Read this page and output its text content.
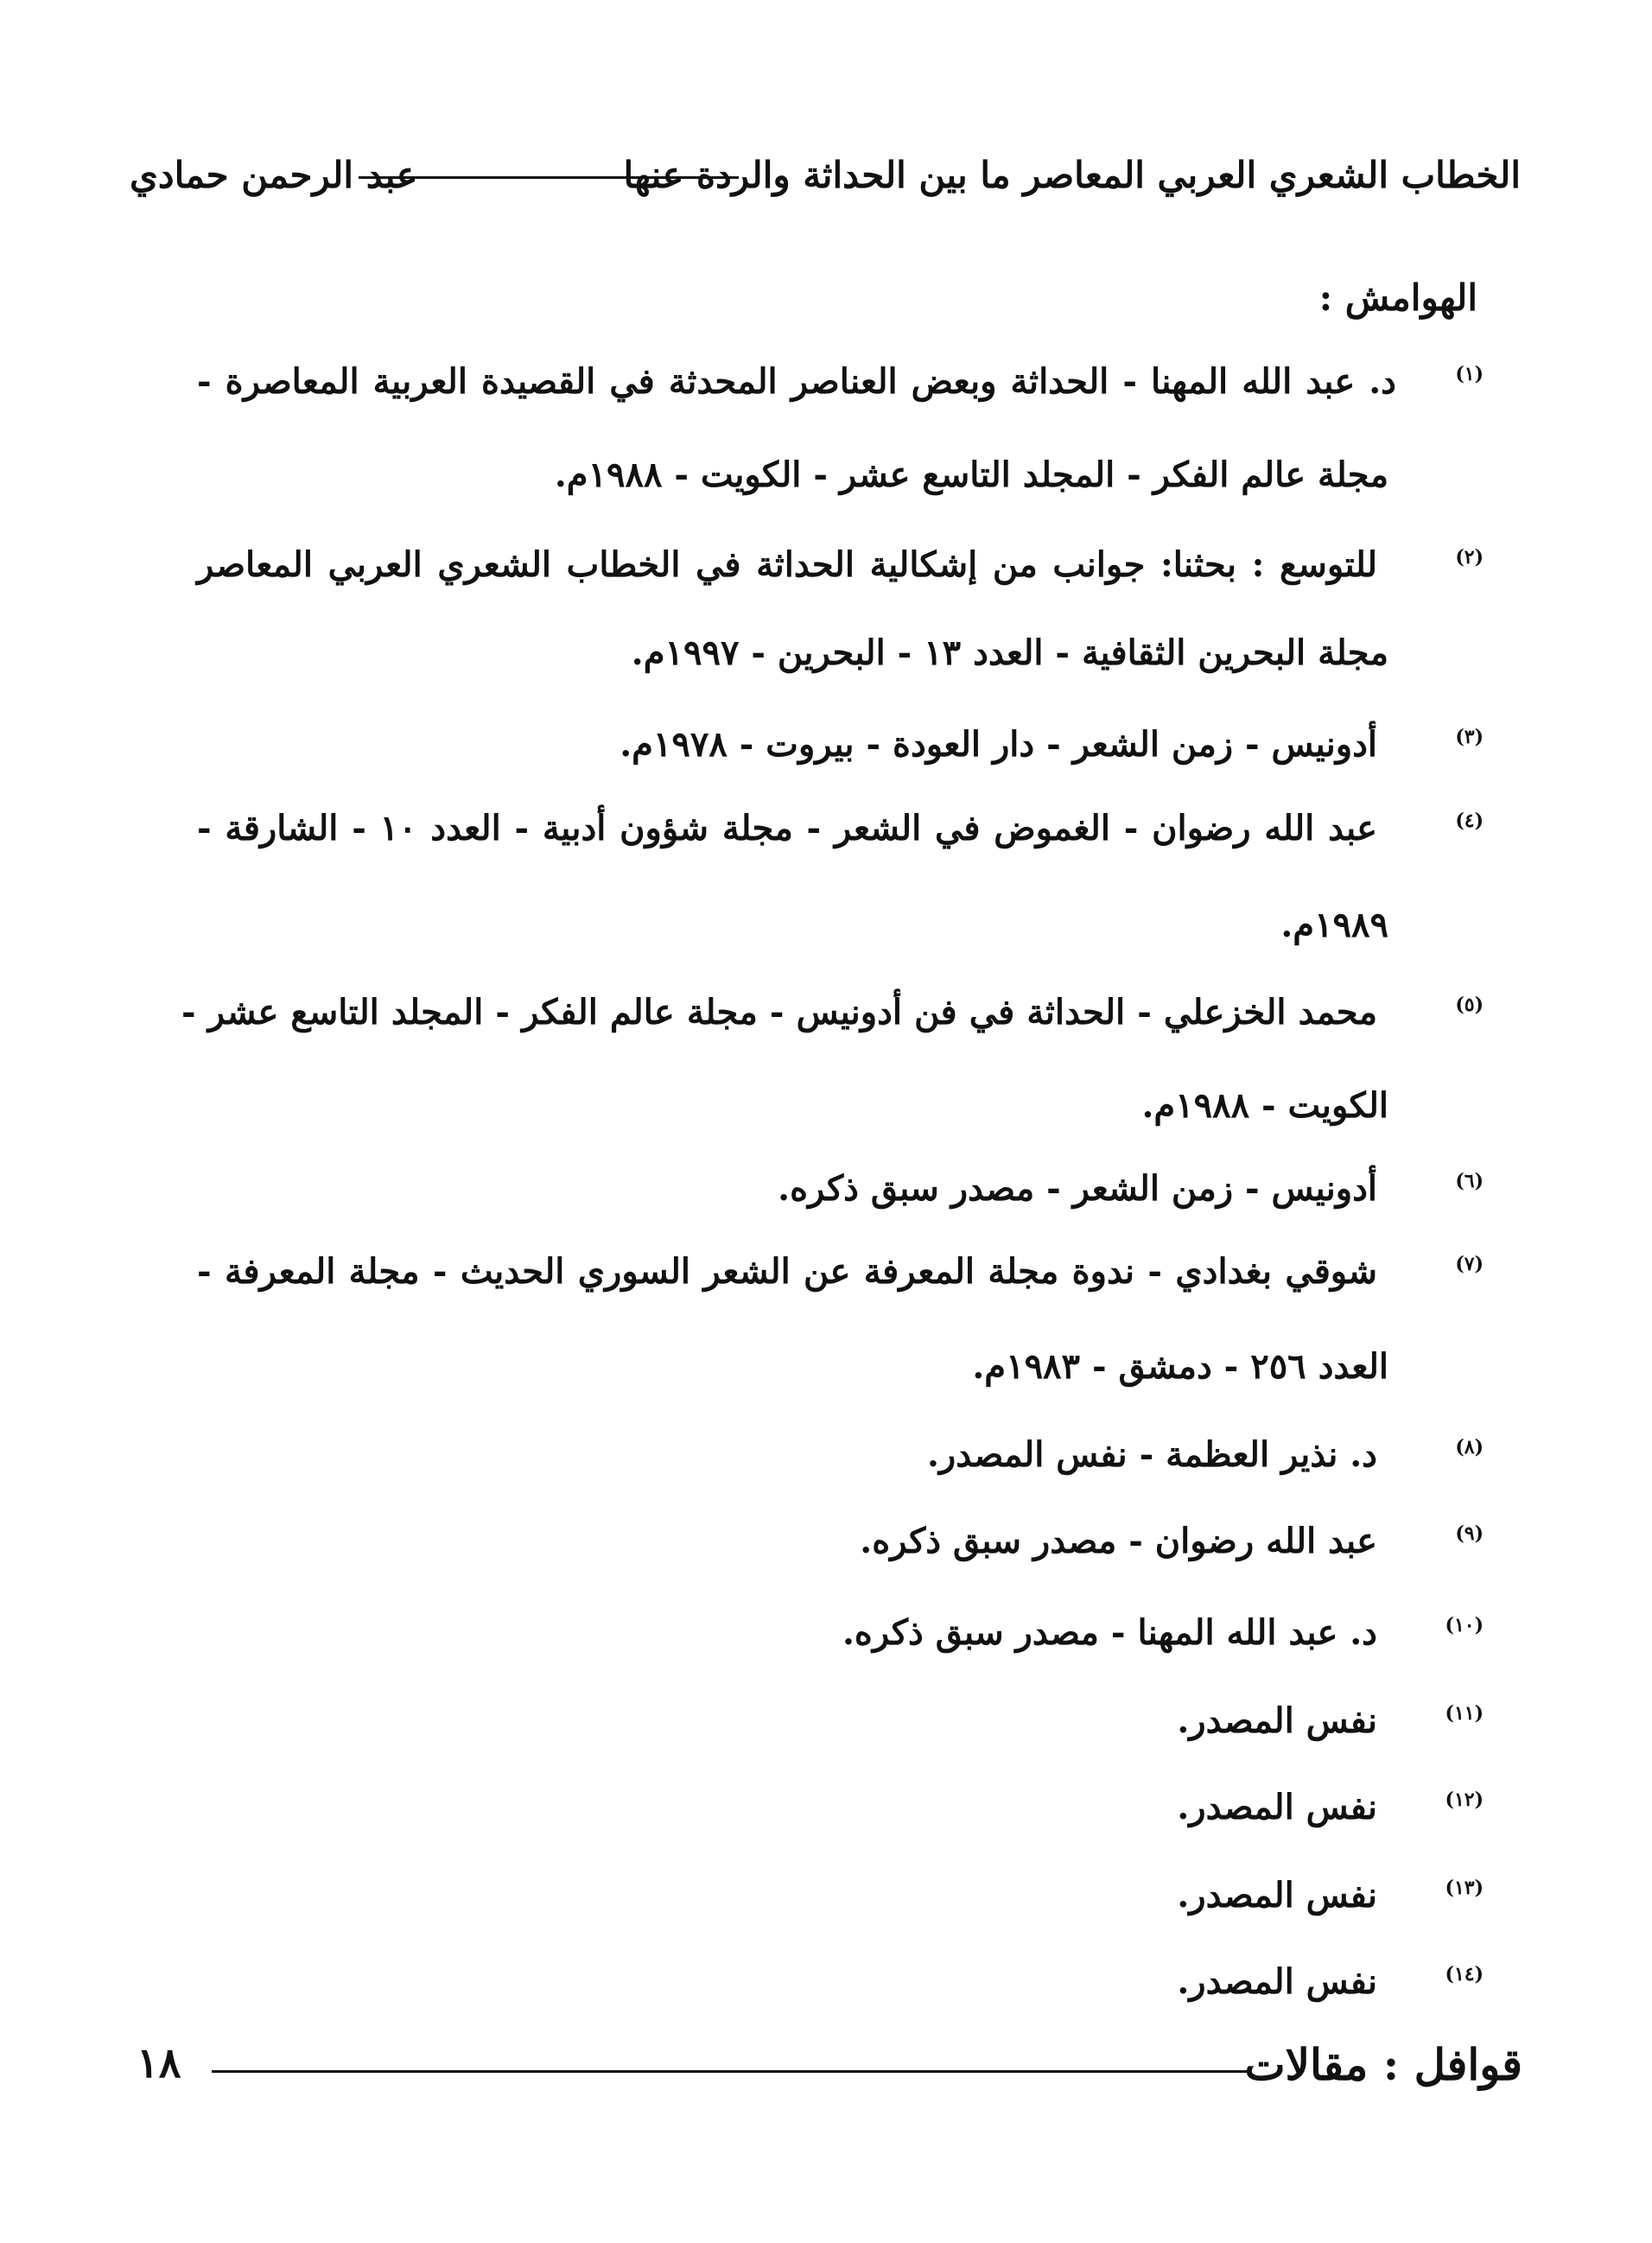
الخطاب الشعري العربي المعاصر ما بين الحداثة والردة عنها
عبد الرحمن حمادي
الهوامش :
(١)
د. عبد الله المهنا - الحداثة وبعض العناصر المحدثة في القصيدة العربية المعاصرة -
مجلة عالم الفكر - المجلد التاسع عشر - الكويت - ١٩٨٨م.
(٢)
للتوسع : بحثنا: جوانب من إشكالية الحداثة في الخطاب الشعري العربي المعاصر
مجلة البحرين الثقافية - العدد ١٣ - البحرين - ١٩٩٧م.
(٣)
أدونيس - زمن الشعر - دار العودة - بيروت - ١٩٧٨م.
(٤)
عبد الله رضوان - الغموض في الشعر - مجلة شؤون أدبية - العدد ١٠ - الشارقة -
١٩٨٩م.
(٥)
محمد الخزعلي - الحداثة في فن أدونيس - مجلة عالم الفكر - المجلد التاسع عشر -
الكويت - ١٩٨٨م.
(٦)
أدونيس - زمن الشعر - مصدر سبق ذكره.
(٧)
شوقي بغدادي - ندوة مجلة المعرفة عن الشعر السوري الحديث - مجلة المعرفة -
العدد ٢٥٦ - دمشق - ١٩٨٣م.
(٨)
د. نذير العظمة - نفس المصدر.
(٩)
عبد الله رضوان - مصدر سبق ذكره.
(١٠)
د. عبد الله المهنا - مصدر سبق ذكره.
(١١)
نفس المصدر.
(١٢)
نفس المصدر.
(١٣)
نفس المصدر.
(١٤)
نفس المصدر.
قوافل : مقالات
١٨
